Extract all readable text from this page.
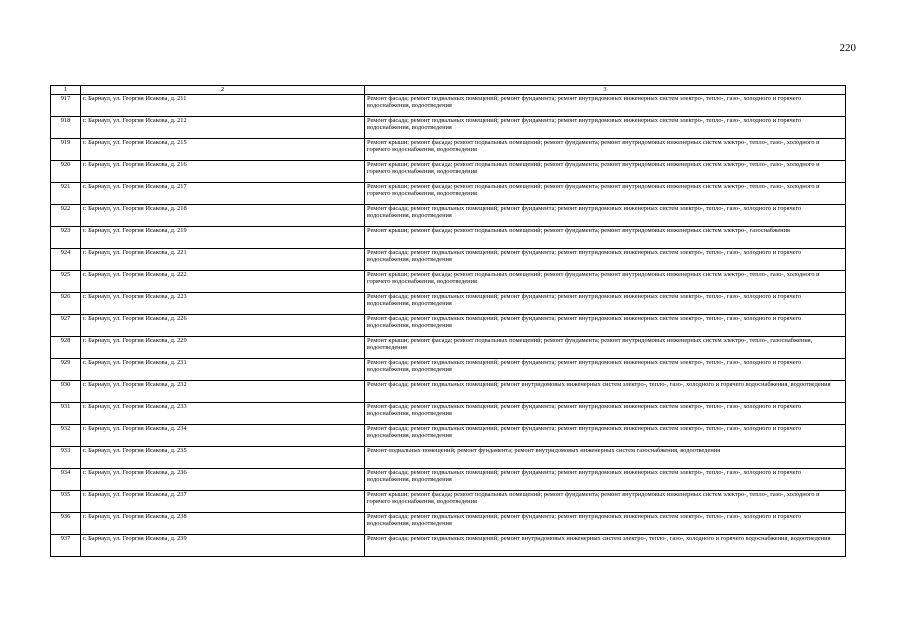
220
1	2	3
917	г. Барнаул, ул. Георгия Исакова, д. 211	Ремонт фасада; ремонт подвальных помещений; ремонт фундамента; ремонт внутридомовых инженерных систем электро-, тепло-, газо-, холодного и горячего водоснабжения, водоотведения
918	г. Барнаул, ул. Георгия Исакова, д. 212	Ремонт фасада; ремонт подвальных помещений; ремонт фундамента; ремонт внутридомовых инженерных систем электро-, тепло-, газо-, холодного и горячего водоснабжения, водоотведения
919	г. Барнаул, ул. Георгия Исакова, д. 215	Ремонт крыши; ремонт фасада; ремонт подвальных помещений; ремонт фундамента; ремонт внутридомовых инженерных систем электро-, тепло-, газо-, холодного и горячего водоснабжения, водоотведения
920	г. Барнаул, ул. Георгия Исакова, д. 216	Ремонт крыши; ремонт фасада; ремонт подвальных помещений; ремонт фундамента; ремонт внутридомовых инженерных систем электро-, тепло-, газо-, холодного и горячего водоснабжения, водоотведения
921	г. Барнаул, ул. Георгия Исакова, д. 217	Ремонт крыши; ремонт фасада; ремонт подвальных помещений; ремонт фундамента; ремонт внутридомовых инженерных систем электро-, тепло-, газо-, холодного и горячего водоснабжения, водоотведения
922	г. Барнаул, ул. Георгия Исакова, д. 218	Ремонт фасада; ремонт подвальных помещений; ремонт фундамента; ремонт внутридомовых инженерных систем электро-, тепло-, газо-, холодного и горячего водоснабжения, водоотведения
923	г. Барнаул, ул. Георгия Исакова, д. 219	Ремонт крыши; ремонт фасада; ремонт подвальных помещений; ремонт фундамента; ремонт внутридомовых инженерных систем электро-, газоснабжения
924	г. Барнаул, ул. Георгия Исакова, д. 221	Ремонт фасада; ремонт подвальных помещений; ремонт фундамента; ремонт внутридомовых инженерных систем электро-, тепло-, газо-, холодного и горячего водоснабжения, водоотведения
925	г. Барнаул, ул. Георгия Исакова, д. 222	Ремонт крыши; ремонт фасада; ремонт подвальных помещений; ремонт фундамента; ремонт внутридомовых инженерных систем электро-, тепло-, газо-, холодного и горячего водоснабжения, водоотведения
926	г. Барнаул, ул. Георгия Исакова, д. 223	Ремонт фасада; ремонт подвальных помещений; ремонт фундамента; ремонт внутридомовых инженерных систем электро-, тепло-, газо-, холодного и горячего водоснабжения, водоотведения
927	г. Барнаул, ул. Георгия Исакова, д. 226	Ремонт фасада; ремонт подвальных помещений; ремонт фундамента; ремонт внутридомовых инженерных систем электро-, тепло-, газо-, холодного и горячего водоснабжения, водоотведения
928	г. Барнаул, ул. Георгия Исакова, д. 229	Ремонт крыши; ремонт фасада; ремонт подвальных помещений; ремонт фундамента; ремонт внутридомовых инженерных систем электро-, тепло-, газоснабжения, водоотведения
929	г. Барнаул, ул. Георгия Исакова, д. 231	Ремонт фасада; ремонт подвальных помещений; ремонт фундамента; ремонт внутридомовых инженерных систем электро-, тепло-, газо-, холодного и горячего водоснабжения, водоотведения
930	г. Барнаул, ул. Георгия Исакова, д. 232	Ремонт фасада; ремонт подвальных помещений; ремонт внутридомовых инженерных систем электро-, тепло-, газо-, холодного и горячего водоснабжения, водоотведения
931	г. Барнаул, ул. Георгия Исакова, д. 233	Ремонт фасада; ремонт подвальных помещений; ремонт фундамента; ремонт внутридомовых инженерных систем электро-, тепло-, газо-, холодного и горячего водоснабжения, водоотведения
932	г. Барнаул, ул. Георгия Исакова, д. 234	Ремонт фасада; ремонт подвальных помещений; ремонт фундамента; ремонт внутридомовых инженерных систем электро-, тепло-, газо-, холодного и горячего водоснабжения, водоотведения
933	г. Барнаул, ул. Георгия Исакова, д. 235	Ремонт подвальных помещений; ремонт фундамента; ремонт внутридомовых инженерных систем газоснабжения, водоотведения
934	г. Барнаул, ул. Георгия Исакова, д. 236	Ремонт фасада; ремонт подвальных помещений; ремонт фундамента; ремонт внутридомовых инженерных систем электро-, тепло-, газо-, холодного и горячего водоснабжения, водоотведения
935	г. Барнаул, ул. Георгия Исакова, д. 237	Ремонт крыши; ремонт фасада; ремонт подвальных помещений; ремонт фундамента; ремонт внутридомовых инженерных систем электро-, тепло-, газо-, холодного и горячего водоснабжения, водоотведения
936	г. Барнаул, ул. Георгия Исакова, д. 238	Ремонт фасада; ремонт подвальных помещений; ремонт фундамента; ремонт внутридомовых инженерных систем электро-, тепло-, газо-, холодного и горячего водоснабжения, водоотведения
937	г. Барнаул, ул. Георгия Исакова, д. 239	Ремонт фасада; ремонт подвальных помещений; ремонт внутридомовых инженерных систем электро-, тепло-, газо-, холодного и горячего водоснабжения, водоотведения
